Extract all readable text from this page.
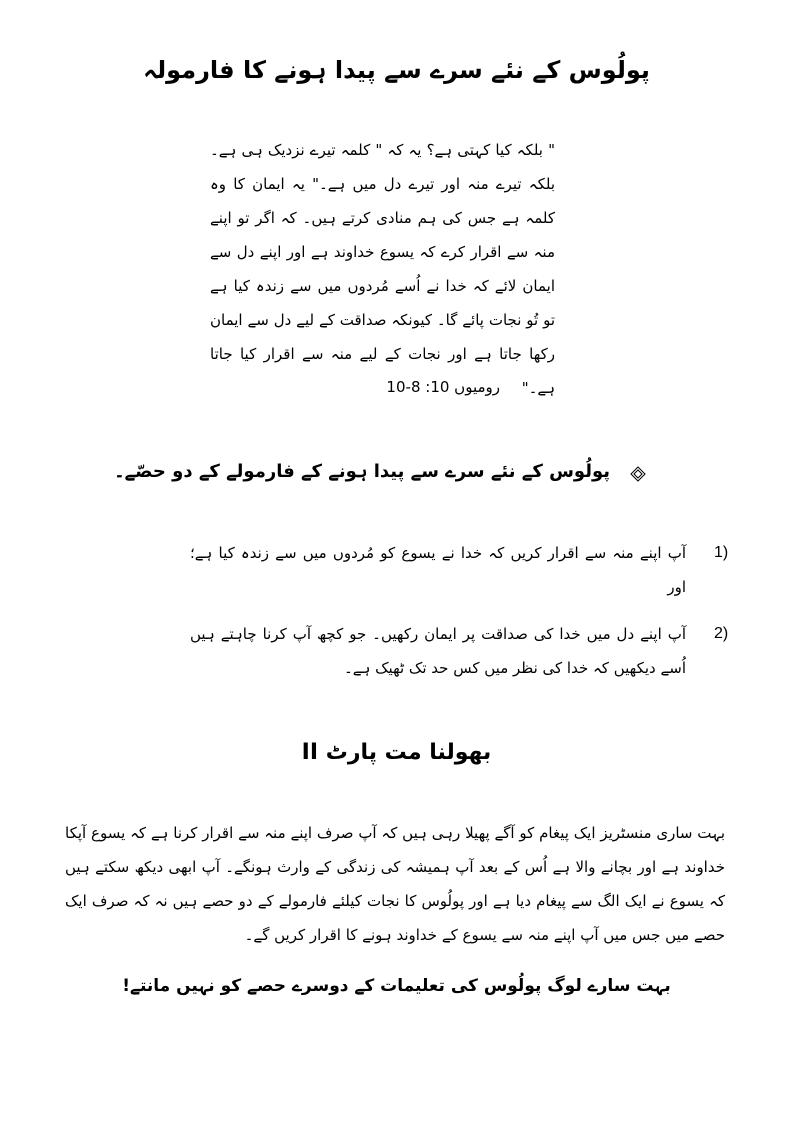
پولُوس کے نئے سرے سے پیدا ہونے کا فارمولہ
" بلکہ کیا کہتی ہے؟ یہ کہ " کلمہ تیرے نزدیک ہی ہے۔ بلکہ تیرے منہ اور تیرے دل میں ہے۔" یہ ایمان کا وہ کلمہ ہے جس کی ہم منادی کرتے ہیں۔ کہ اگر تو اپنے منہ سے اقرار کرے کہ یسوع خداوند ہے اور اپنے دل سے ایمان لائے کہ خدا نے اُسے مُردوں میں سے زندہ کیا ہے تو تُو نجات پائے گا۔ کیونکہ صداقت کے لیے دل سے ایمان رکھا جاتا ہے اور نجات کے لیے منہ سے اقرار کیا جاتا ہے۔"
رومیوں 10: 8-10
پولُوس کے نئے سرے سے پیدا ہونے کے فارمولے کے دو حصّے۔
1)
آپ اپنے منہ سے اقرار کریں کہ خدا نے یسوع کو مُردوں میں سے زندہ کیا ہے؛ اور
2)
آپ اپنے دل میں خدا کی صداقت پر ایمان رکھیں۔ جو کچھ آپ کرنا چاہتے ہیں اُسے دیکھیں کہ خدا کی نظر میں کس حد تک ٹھیک ہے۔
بھولنا مت پارٹ II
بہت ساری منسٹریز ایک پیغام کو آگے پھیلا رہی ہیں کہ آپ صرف اپنے منہ سے اقرار کرنا ہے کہ یسوع آپکا خداوند ہے اور بچانے والا ہے اُس کے بعد آپ ہمیشہ کی زندگی کے وارث ہونگے۔ آپ ابھی دیکھ سکتے ہیں کہ یسوع نے ایک الگ سے پیغام دیا ہے اور پولُوس کا نجات کیلئے فارمولے کے دو حصے ہیں نہ کہ صرف ایک حصے میں جس میں آپ اپنے منہ سے یسوع کے خداوند ہونے کا اقرار کریں گے۔
بہت سارے لوگ پولُوس کی تعلیمات کے دوسرے حصے کو نہیں مانتے!
